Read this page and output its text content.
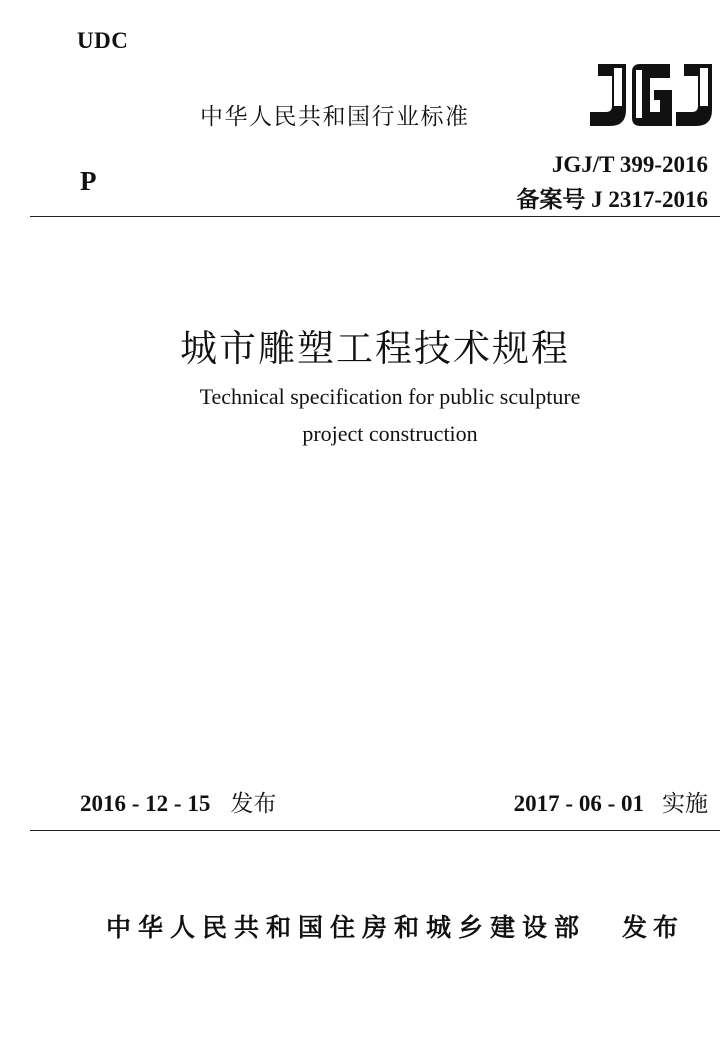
UDC
中华人民共和国行业标准
P
JGJ/T 399-2016
备案号 J 2317-2016
城市雕塑工程技术规程
Technical specification for public sculpture
project construction
2016 - 12 - 15 发布	2017 - 06 - 01 实施
中华人民共和国住房和城乡建设部 发布
